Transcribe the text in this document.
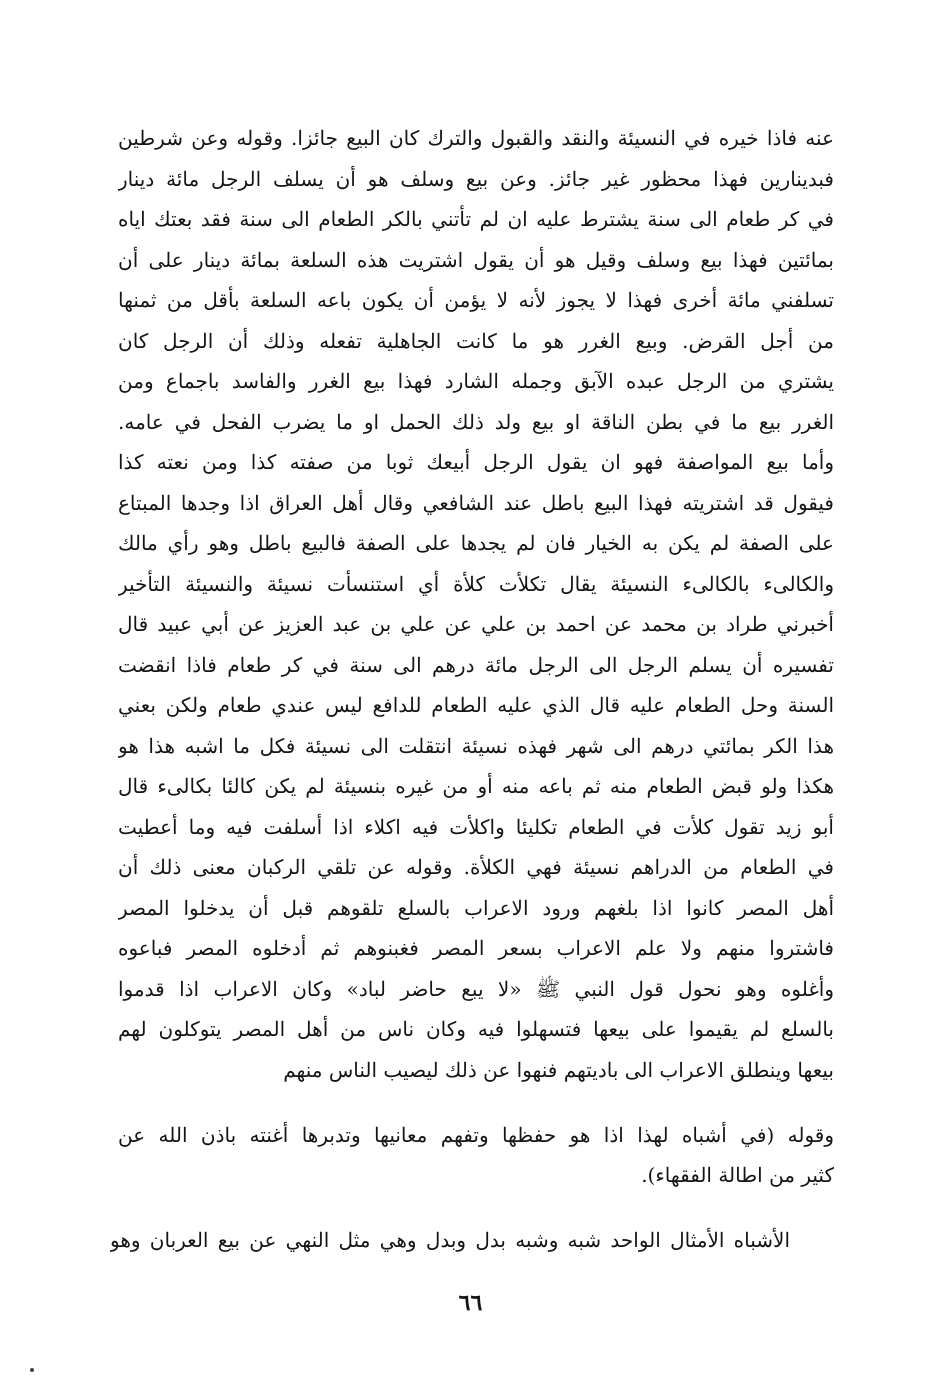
عنه فاذا خيره في النسيئة والنقد والقبول والترك كان البيع جائزا. وقوله وعن شرطين
فبدينارين فهذا محظور غير جائز. وعن بيع وسلف هو أن يسلف الرجل مائة دينار
في كر طعام الى سنة يشترط عليه ان لم تأتني بالكر الطعام الى سنة فقد بعتك اياه
بمائتين فهذا بيع وسلف وقيل هو أن يقول اشتريت هذه السلعة بمائة دينار على أن
تسلفني مائة أخرى فهذا لا يجوز لأنه لا يؤمن أن يكون باعه السلعة بأقل من ثمنها
من أجل القرض. وبيع الغرر هو ما كانت الجاهلية تفعله وذلك أن الرجل كان
يشتري من الرجل عبده الآبق وجمله الشارد فهذا بيع الغرر والفاسد باجماع ومن
الغرر بيع ما في بطن الناقة او بيع ولد ذلك الحمل او ما يضرب الفحل في عامه.
وأما بيع المواصفة فهو ان يقول الرجل أبيعك ثوبا من صفته كذا ومن نعته كذا
فيقول قد اشتريته فهذا البيع باطل عند الشافعي وقال أهل العراق اذا وجدها المبتاع
على الصفة لم يكن به الخيار فان لم يجدها على الصفة فالبيع باطل وهو رأي مالك
والكالىء بالكالىء النسيئة يقال تكلأت كلأة أي استنسأت نسيئة والنسيئة التأخير
أخبرني طراد بن محمد عن احمد بن علي عن علي بن عبد العزيز عن أبي عبيد قال
تفسيره أن يسلم الرجل الى الرجل مائة درهم الى سنة في كر طعام فاذا انقضت
السنة وحل الطعام عليه قال الذي عليه الطعام للدافع ليس عندي طعام ولكن بعني
هذا الكر بمائتي درهم الى شهر فهذه نسيئة انتقلت الى نسيئة فكل ما اشبه هذا هو
هكذا ولو قبض الطعام منه ثم باعه منه أو من غيره بنسيئة لم يكن كالئا بكالىء قال
أبو زيد تقول كلأت في الطعام تكليئا واكلأت فيه اكلاء اذا أسلفت فيه وما أعطيت
في الطعام من الدراهم نسيئة فهي الكلأة. وقوله عن تلقي الركبان معنى ذلك أن
أهل المصر كانوا اذا بلغهم ورود الاعراب بالسلع تلقوهم قبل أن يدخلوا المصر
فاشتروا منهم ولا علم الاعراب بسعر المصر فغبنوهم ثم أدخلوه المصر فباعوه
وأغلوه وهو نحول قول النبي ﷺ «لا يبع حاضر لباد» وكان الاعراب اذا قدموا
بالسلع لم يقيموا على بيعها فتسهلوا فيه وكان ناس من أهل المصر يتوكلون لهم
بيعها وينطلق الاعراب الى باديتهم فنهوا عن ذلك ليصيب الناس منهم
وقوله (في أشباه لهذا اذا هو حفظها وتفهم معانيها وتدبرها أغنته باذن الله عن
كثير من اطالة الفقهاء).
الأشباه الأمثال الواحد شبه وشبه بدل وبدل وهي مثل النهي عن بيع العربان وهو
٦٦
